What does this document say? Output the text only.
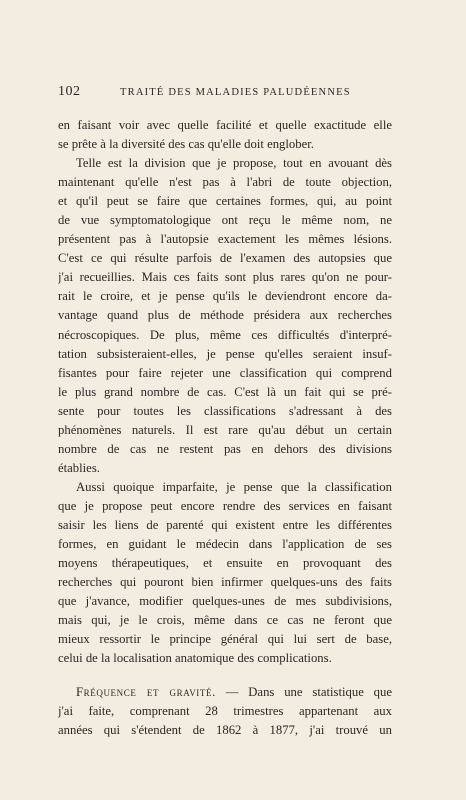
102	TRAITÉ DES MALADIES PALUDÉENNES
en faisant voir avec quelle facilité et quelle exactitude elle
se prête à la diversité des cas qu'elle doit englober.
Telle est la division que je propose, tout en avouant dès
maintenant qu'elle n'est pas à l'abri de toute objection,
et qu'il peut se faire que certaines formes, qui, au point
de vue symptomatologique ont reçu le même nom, ne
présentent pas à l'autopsie exactement les mêmes lésions.
C'est ce qui résulte parfois de l'examen des autopsies que
j'ai recueillies. Mais ces faits sont plus rares qu'on ne pour-
rait le croire, et je pense qu'ils le deviendront encore da-
vantage quand plus de méthode présidera aux recherches
nécroscopiques. De plus, même ces difficultés d'interpré-
tation subsisteraient-elles, je pense qu'elles seraient insuf-
fisantes pour faire rejeter une classification qui comprend
le plus grand nombre de cas. C'est là un fait qui se pré-
sente pour toutes les classifications s'adressant à des
phénomènes naturels. Il est rare qu'au début un certain
nombre de cas ne restent pas en dehors des divisions
établies.
Aussi quoique imparfaite, je pense que la classification
que je propose peut encore rendre des services en faisant
saisir les liens de parenté qui existent entre les différentes
formes, en guidant le médecin dans l'application de ses
moyens thérapeutiques, et ensuite en provoquant des
recherches qui pouront bien infirmer quelques-uns des faits
que j'avance, modifier quelques-unes de mes subdivisions,
mais qui, je le crois, même dans ce cas ne feront que
mieux ressortir le principe général qui lui sert de base,
celui de la localisation anatomique des complications.
Fréquence et gravité. — Dans une statistique que
j'ai faite, comprenant 28 trimestres appartenant aux
années qui s'étendent de 1862 à 1877, j'ai trouvé un
